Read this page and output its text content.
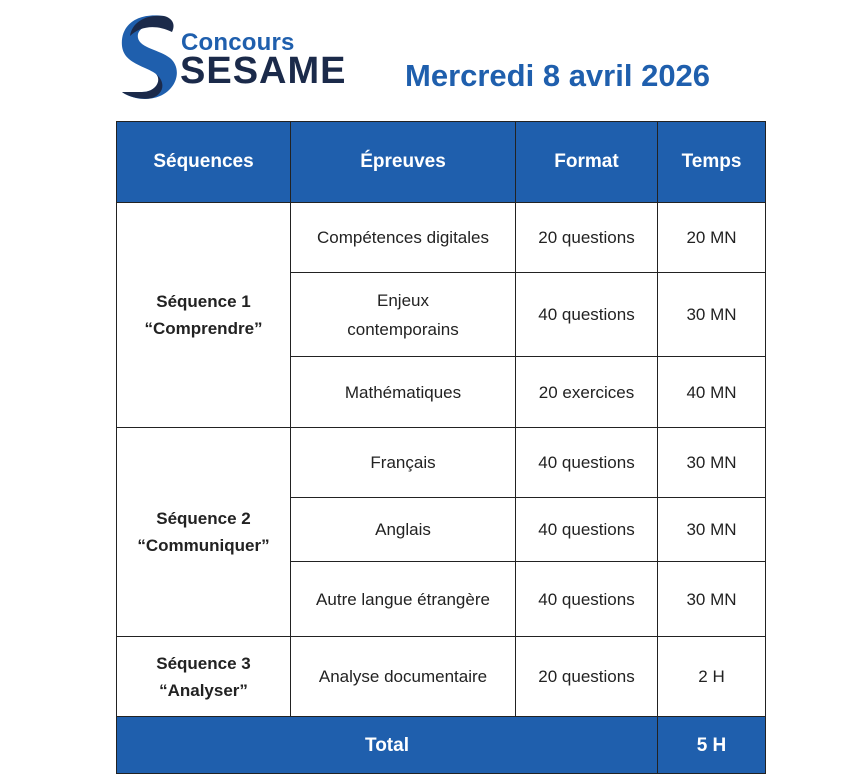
Concours
SESAME Mercredi 8 avril 2026
Séquences	Épreuves	Format	Temps

Séquence 1
“Comprendre”	Compétences digitales	20 questions	20 MN
	Enjeux contemporains	40 questions	30 MN
	Mathématiques	20 exercices	40 MN

Séquence 2
“Communiquer”	Français	40 questions	30 MN
	Anglais	40 questions	30 MN
	Autre langue étrangère	40 questions	30 MN

Séquence 3
“Analyser”	Analyse documentaire	20 questions	2 H
Total			5 H
